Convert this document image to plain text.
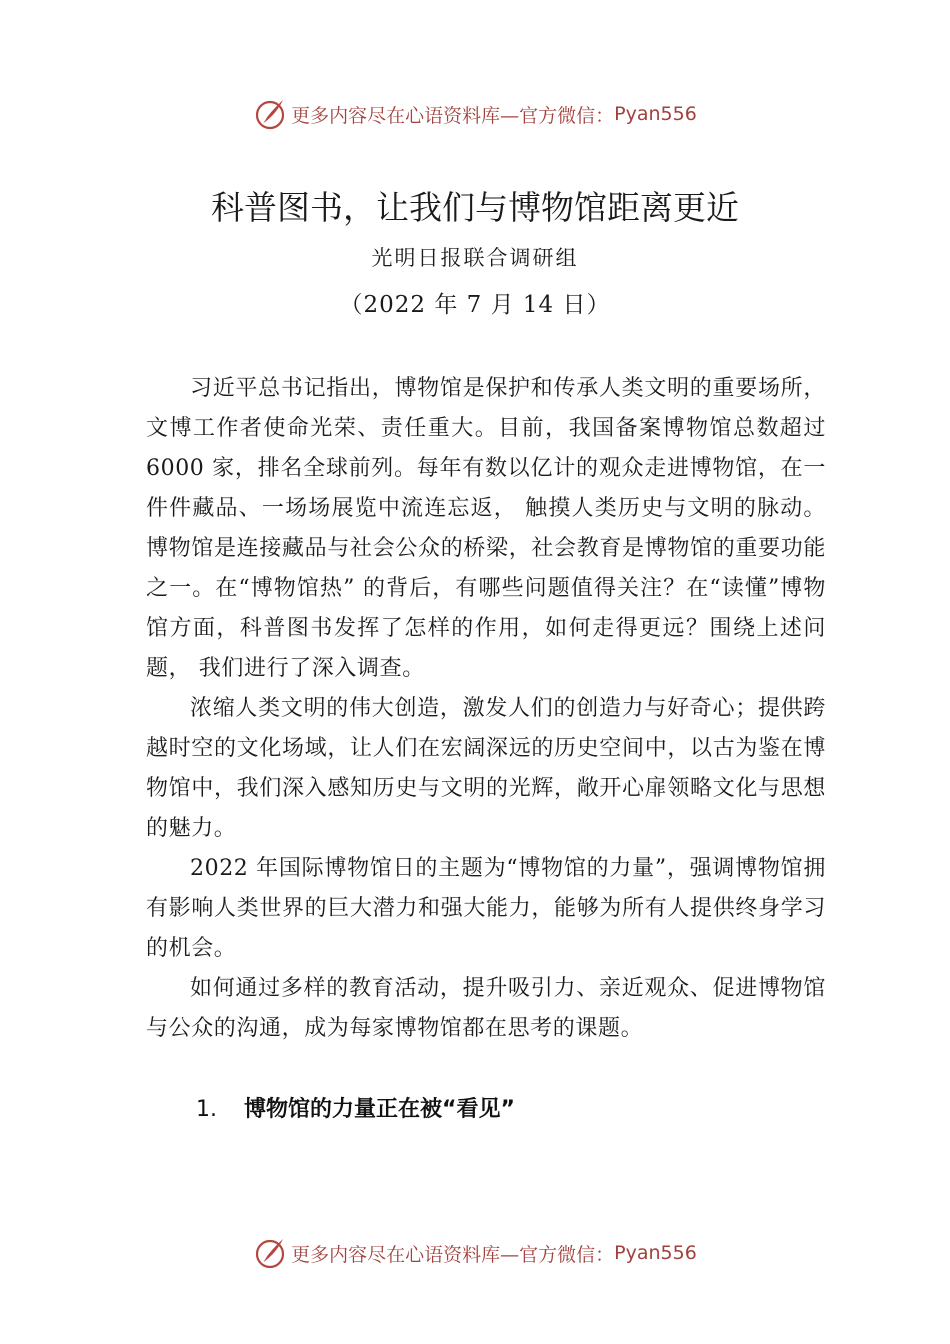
更多内容尽在心语资料库—官方微信： Pyan556
科普图书，让我们与博物馆距离更近
光明日报联合调研组
（2022 年 7 月 14 日）

习近平总书记指出，博物馆是保护和传承人类文明的重要场所，文博工作者使命光荣、责任重大。目前，我国备案博物馆总数超过 6000 家，排名全球前列。每年有数以亿计的观众走进博物馆，在一件件藏品、一场场展览中流连忘返， 触摸人类历史与文明的脉动。博物馆是连接藏品与社会公众的桥梁，社会教育是博物馆的重要功能之一。在“博物馆热” 的背后，有哪些问题值得关注？在“读懂”博物馆方面，科普图书发挥了怎样的作用，如何走得更远？围绕上述问题， 我们进行了深入调查。

浓缩人类文明的伟大创造，激发人们的创造力与好奇心；提供跨越时空的文化场域，让人们在宏阔深远的历史空间中，以古为鉴在博物馆中，我们深入感知历史与文明的光辉，敞开心扉领略文化与思想的魅力。

2022 年国际博物馆日的主题为“博物馆的力量”，强调博物馆拥有影响人类世界的巨大潜力和强大能力，能够为所有人提供终身学习的机会。

如何通过多样的教育活动，提升吸引力、亲近观众、促进博物馆与公众的沟通，成为每家博物馆都在思考的课题。

1. 博物馆的力量正在被“看见”
更多内容尽在心语资料库—官方微信： Pyan556
